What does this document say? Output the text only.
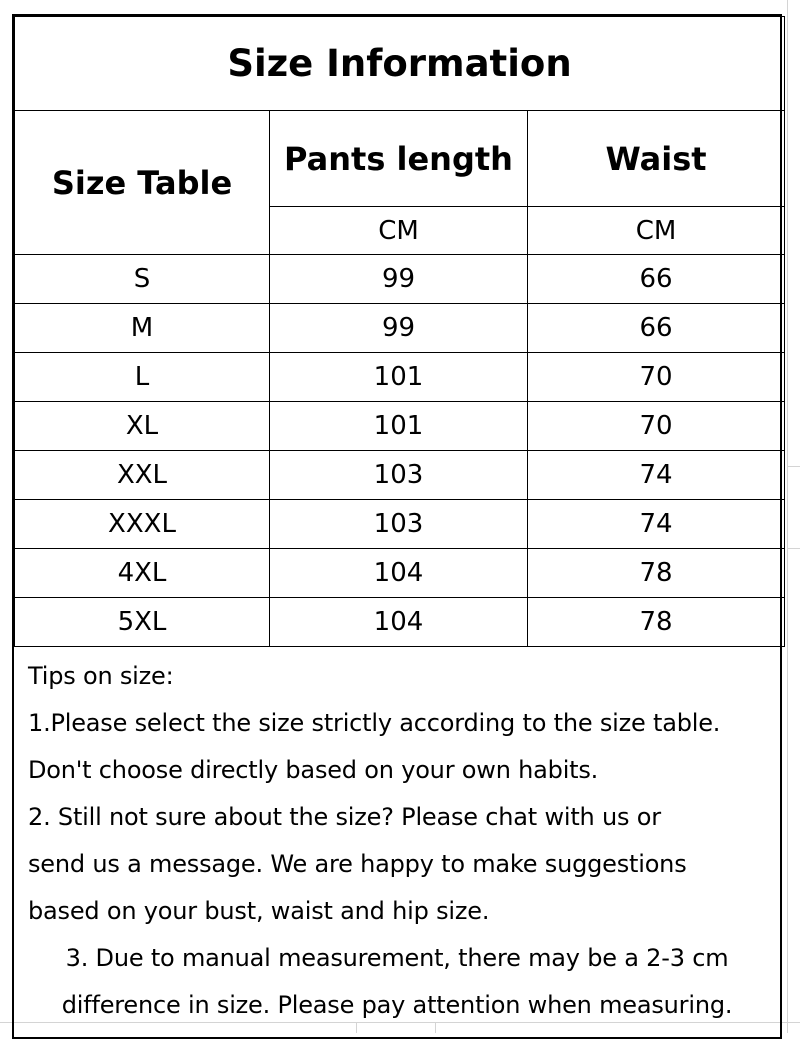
Size Information		
Size Table	Pants length	Waist
	CM	CM
S	99	66
M	99	66
L	101	70
XL	101	70
XXL	103	74
XXXL	103	74
4XL	104	78
5XL	104	78
Tips on size:
1.Please select the size strictly according to the size table.
Don't choose directly based on your own habits.
2. Still not sure about the size? Please chat with us or
send us a message. We are happy to make suggestions
based on your bust, waist and hip size.
3. Due to manual measurement, there may be a 2-3 cm
difference in size. Please pay attention when measuring.
